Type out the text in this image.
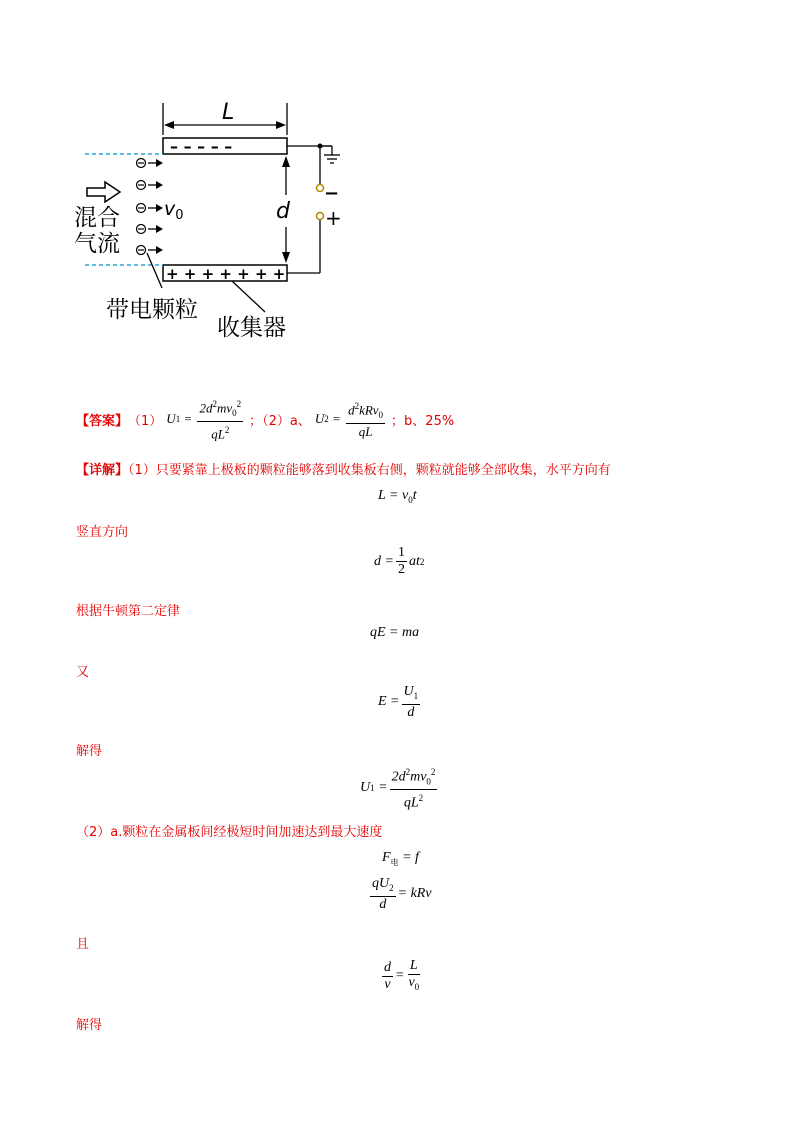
L
– – – – –
+ + + + + + +
d
−
+
$v_0$
混合
气流
带电颗粒
收集器
【答案】 （1） U $1 = \frac{2d^2mv_0^2}{qL^2}$ ；（2）a、 U $2 = \frac{d^2kRv_0}{qL}$ ；b、25%
【详解】（1）只要紧靠上极板的颗粒能够落到收集板右侧，颗粒就能够全部收集，水平方向有
$L = v_0t$
竖直方向
$d = \frac{1}{2}$ at 2
根据牛顿第二定律
qE = ma
又
$E = \frac{U_1}{d}$
解得
U $1 = \frac{2d^2mv_0^2}{qL^2}$
（2）a.颗粒在金属板间经极短时间加速达到最大速度
$F_电 = f$
$\frac{qU_2}{d}$ = kRv
且
$\frac{d}{v} = \frac{L}{v_0}$
解得
